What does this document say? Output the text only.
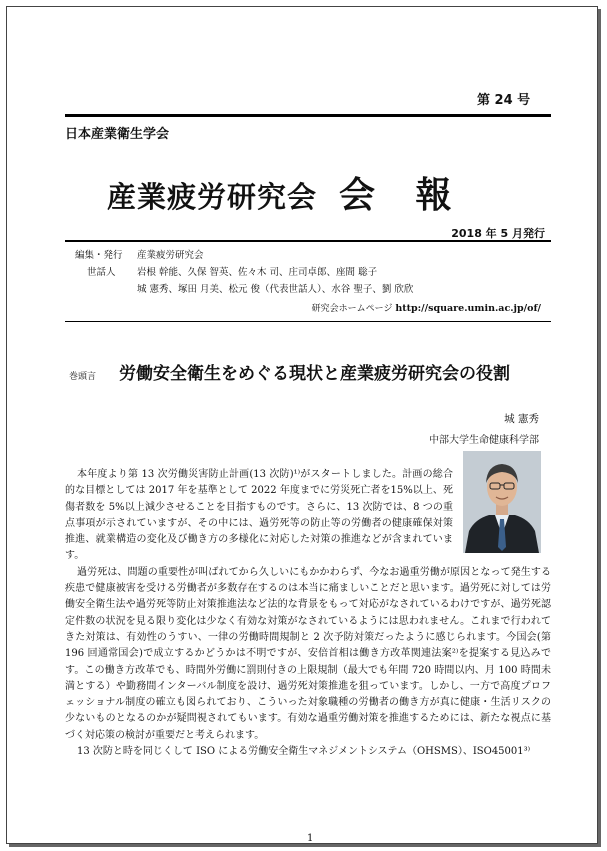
第 24 号
日本産業衛生学会
産業疲労研究会 会 報
2018 年 5 月発行
編集・発行 産業疲労研究会
世話人 岩根 幹能、久保 智英、佐々木 司、庄司卓郎、座間 聡子
城 憲秀、塚田 月美、松元 俊（代表世話人）、水谷 聖子、劉 欣欣
研究会ホームページ http://square.umin.ac.jp/of/
巻頭言 労働安全衛生をめぐる現状と産業疲労研究会の役割
城 憲秀
中部大学生命健康科学部

本年度より第 13 次労働災害防止計画(13 次防)¹⁾がスタートしました。計画の総合的な目標としては 2017 年を基準として 2022 年度までに労災死亡者を15%以上、死傷者数を 5%以上減少させることを目指すものです。さらに、13 次防では、8 つの重点事項が示されていますが、その中には、過労死等の防止等の労働者の健康確保対策推進、就業構造の変化及び働き方の多様化に対応した対策の推進などが含まれています。

過労死は、問題の重要性が叫ばれてから久しいにもかかわらず、今なお過重労働が原因となって発生する疾患で健康被害を受ける労働者が多数存在するのは本当に痛ましいことだと思います。過労死に対しては労働安全衛生法や過労死等防止対策推進法など法的な背景をもって対応がなされているわけですが、過労死認定件数の状況を見る限り変化は少なく有効な対策がなされているようには思われません。これまで行われてきた対策は、有効性のうすい、一律の労働時間規制と 2 次予防対策だったように感じられます。今国会(第 196 回通常国会)で成立するかどうかは不明ですが、安倍首相は働き方改革関連法案²⁾を提案する見込みです。この働き方改革でも、時間外労働に罰則付きの上限規制（最大でも年間 720 時間以内、月 100 時間未満とする）や勤務間インターバル制度を設け、過労死対策推進を狙っています。しかし、一方で高度プロフェッショナル制度の確立も図られており、こういった対象職種の労働者の働き方が真に健康・生活リスクの少ないものとなるのかが疑問視されてもいます。有効な過重労働対策を推進するためには、新たな視点に基づく対応策の検討が重要だと考えられます。

13 次防と時を同じくして ISO による労働安全衛生マネジメントシステム（OHSMS）、ISO45001³⁾

1
